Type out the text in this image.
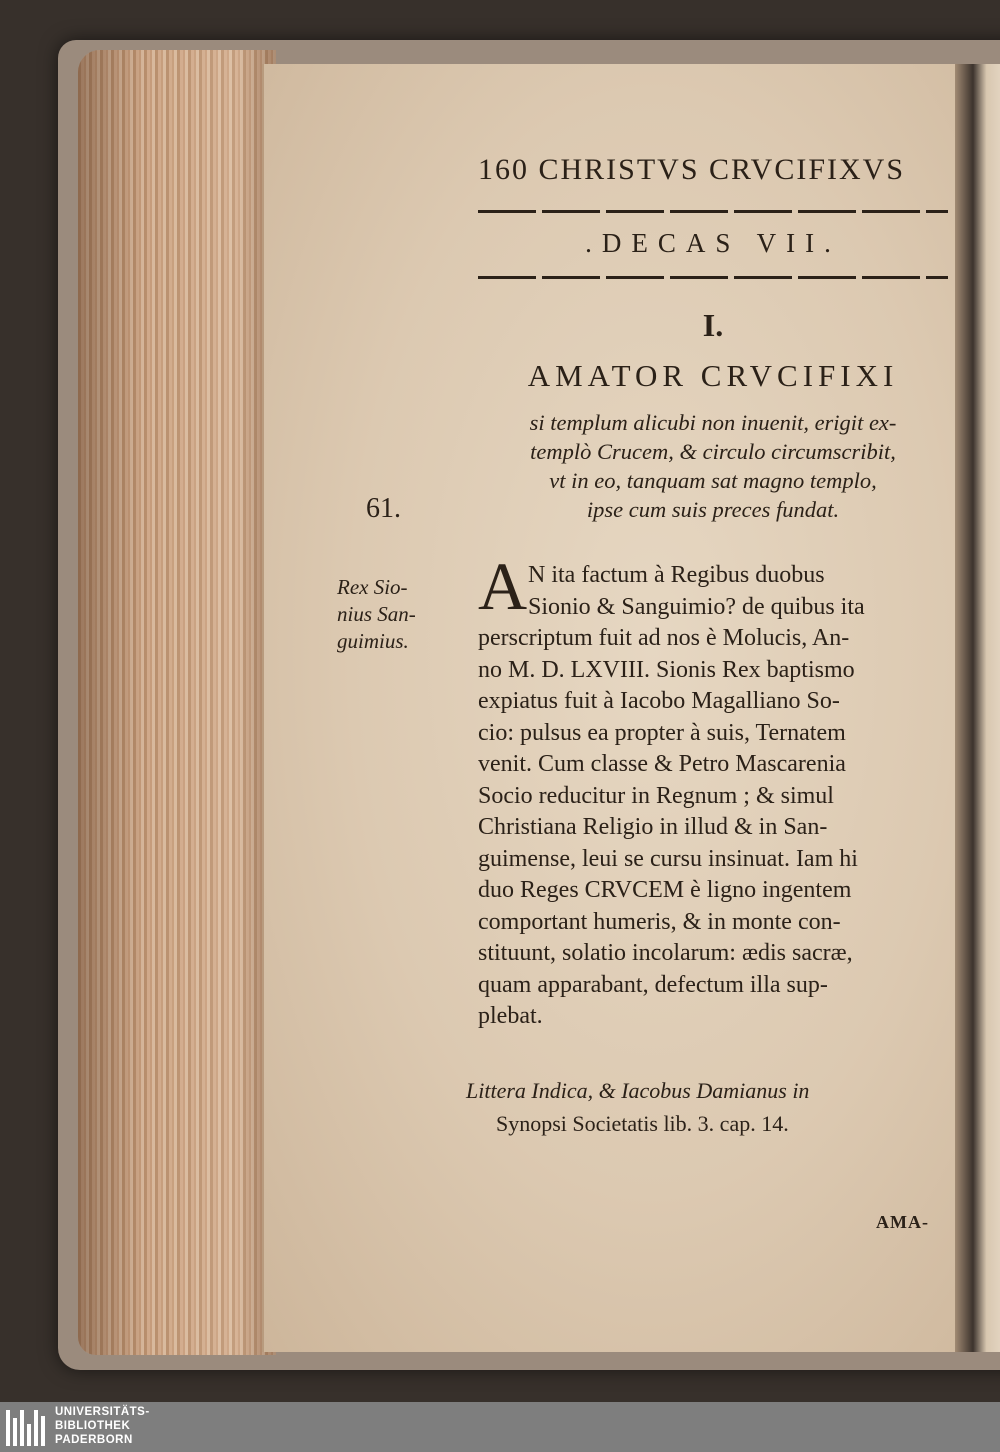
160 CHRISTVS CRVCIFIXVS
.DECAS VII.
I.
AMATOR CRVCIFIXI
si templum alicubi non inuenit, erigit ex-
templò Crucem, & circulo circumscribit,
vt in eo, tanquam sat magno templo,
ipse cum suis preces fundat.
61.
Rex Sio-
nius San-
guimius.
A N ita factum à Regibus duobus
Sionio & Sanguimio? de quibus ita
perscriptum fuit ad nos è Molucis, An-
no M. D. LXVIII. Sionis Rex baptismo
expiatus fuit à Iacobo Magalliano So-
cio: pulsus ea propter à suis, Ternatem
venit. Cum classe & Petro Mascarenia
Socio reducitur in Regnum ; & simul
Christiana Religio in illud & in San-
guimense, leui se cursu insinuat. Iam hi
duo Reges CRVCEM è ligno ingentem
comportant humeris, & in monte con-
stituunt, solatio incolarum: ædis sacræ,
quam apparabant, defectum illa sup-
plebat.
Littera Indica, & Iacobus Damianus in
Synopsi Societatis lib. 3. cap. 14.
AMA-
UNIVERSITÄTS-
BIBLIOTHEK
PADERBORN
